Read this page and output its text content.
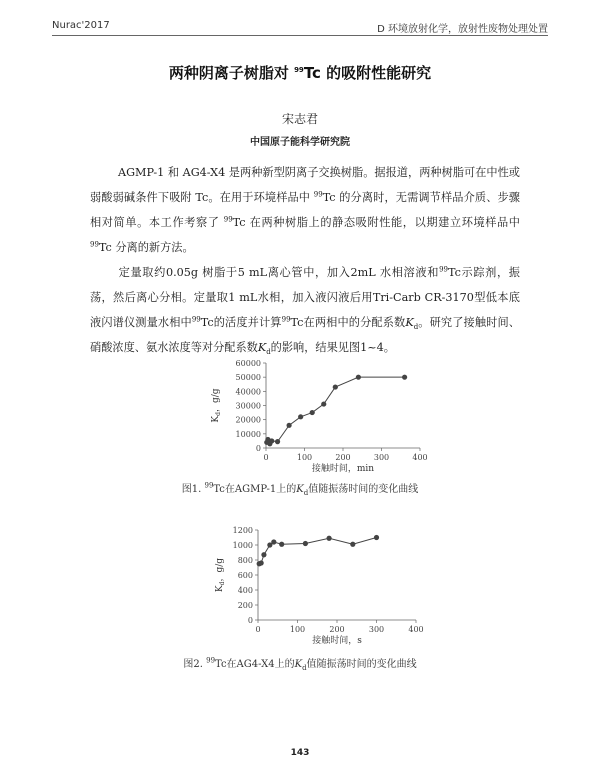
Nurac'2017	D 环境放射化学，放射性废物处理处置
两种阴离子树脂对 $^{99}$Tc 的吸附性能研究
宋志君
中国原子能科学研究院

AGMP-1 和 AG4-X4 是两种新型阴离子交换树脂。据报道，两种树脂可在中性或弱酸弱碱条件下吸附 Tc。在用于环境样品中 $^{99}$Tc 的分离时，无需调节样品介质、步骤相对简单。本工作考察了 $^{99}$Tc 在两种树脂上的静态吸附性能，以期建立环境样品中 $^{99}$Tc 分离的新方法。

定量取约0.05g 树脂于5 mL离心管中，加入2mL 水相溶液和$^{99}$Tc示踪剂，振荡，然后离心分相。定量取1 mL水相，加入液闪液后用Tri-Carb CR-3170型低本底液闪谱仪测量水相中$^{99}$Tc的活度并计算$^{99}$Tc在两相中的分配系数$K_d$。研究了接触时间、硝酸浓度、氨水浓度等对分配系数$K_d$的影响，结果见图1~4。

0
10000
20000
30000
40000
50000
60000
0	100	200	300	400
接触时间，min
$K_d$，g/g
图1. $^{99}$Tc在AGMP-1上的$K_d$值随振荡时间的变化曲线
0
200
400
600
800
1000
1200
0	100	200	300	400
接触时间，s
$K_d$，g/g
图2. $^{99}$Tc在AG4-X4上的$K_d$值随振荡时间的变化曲线
143
